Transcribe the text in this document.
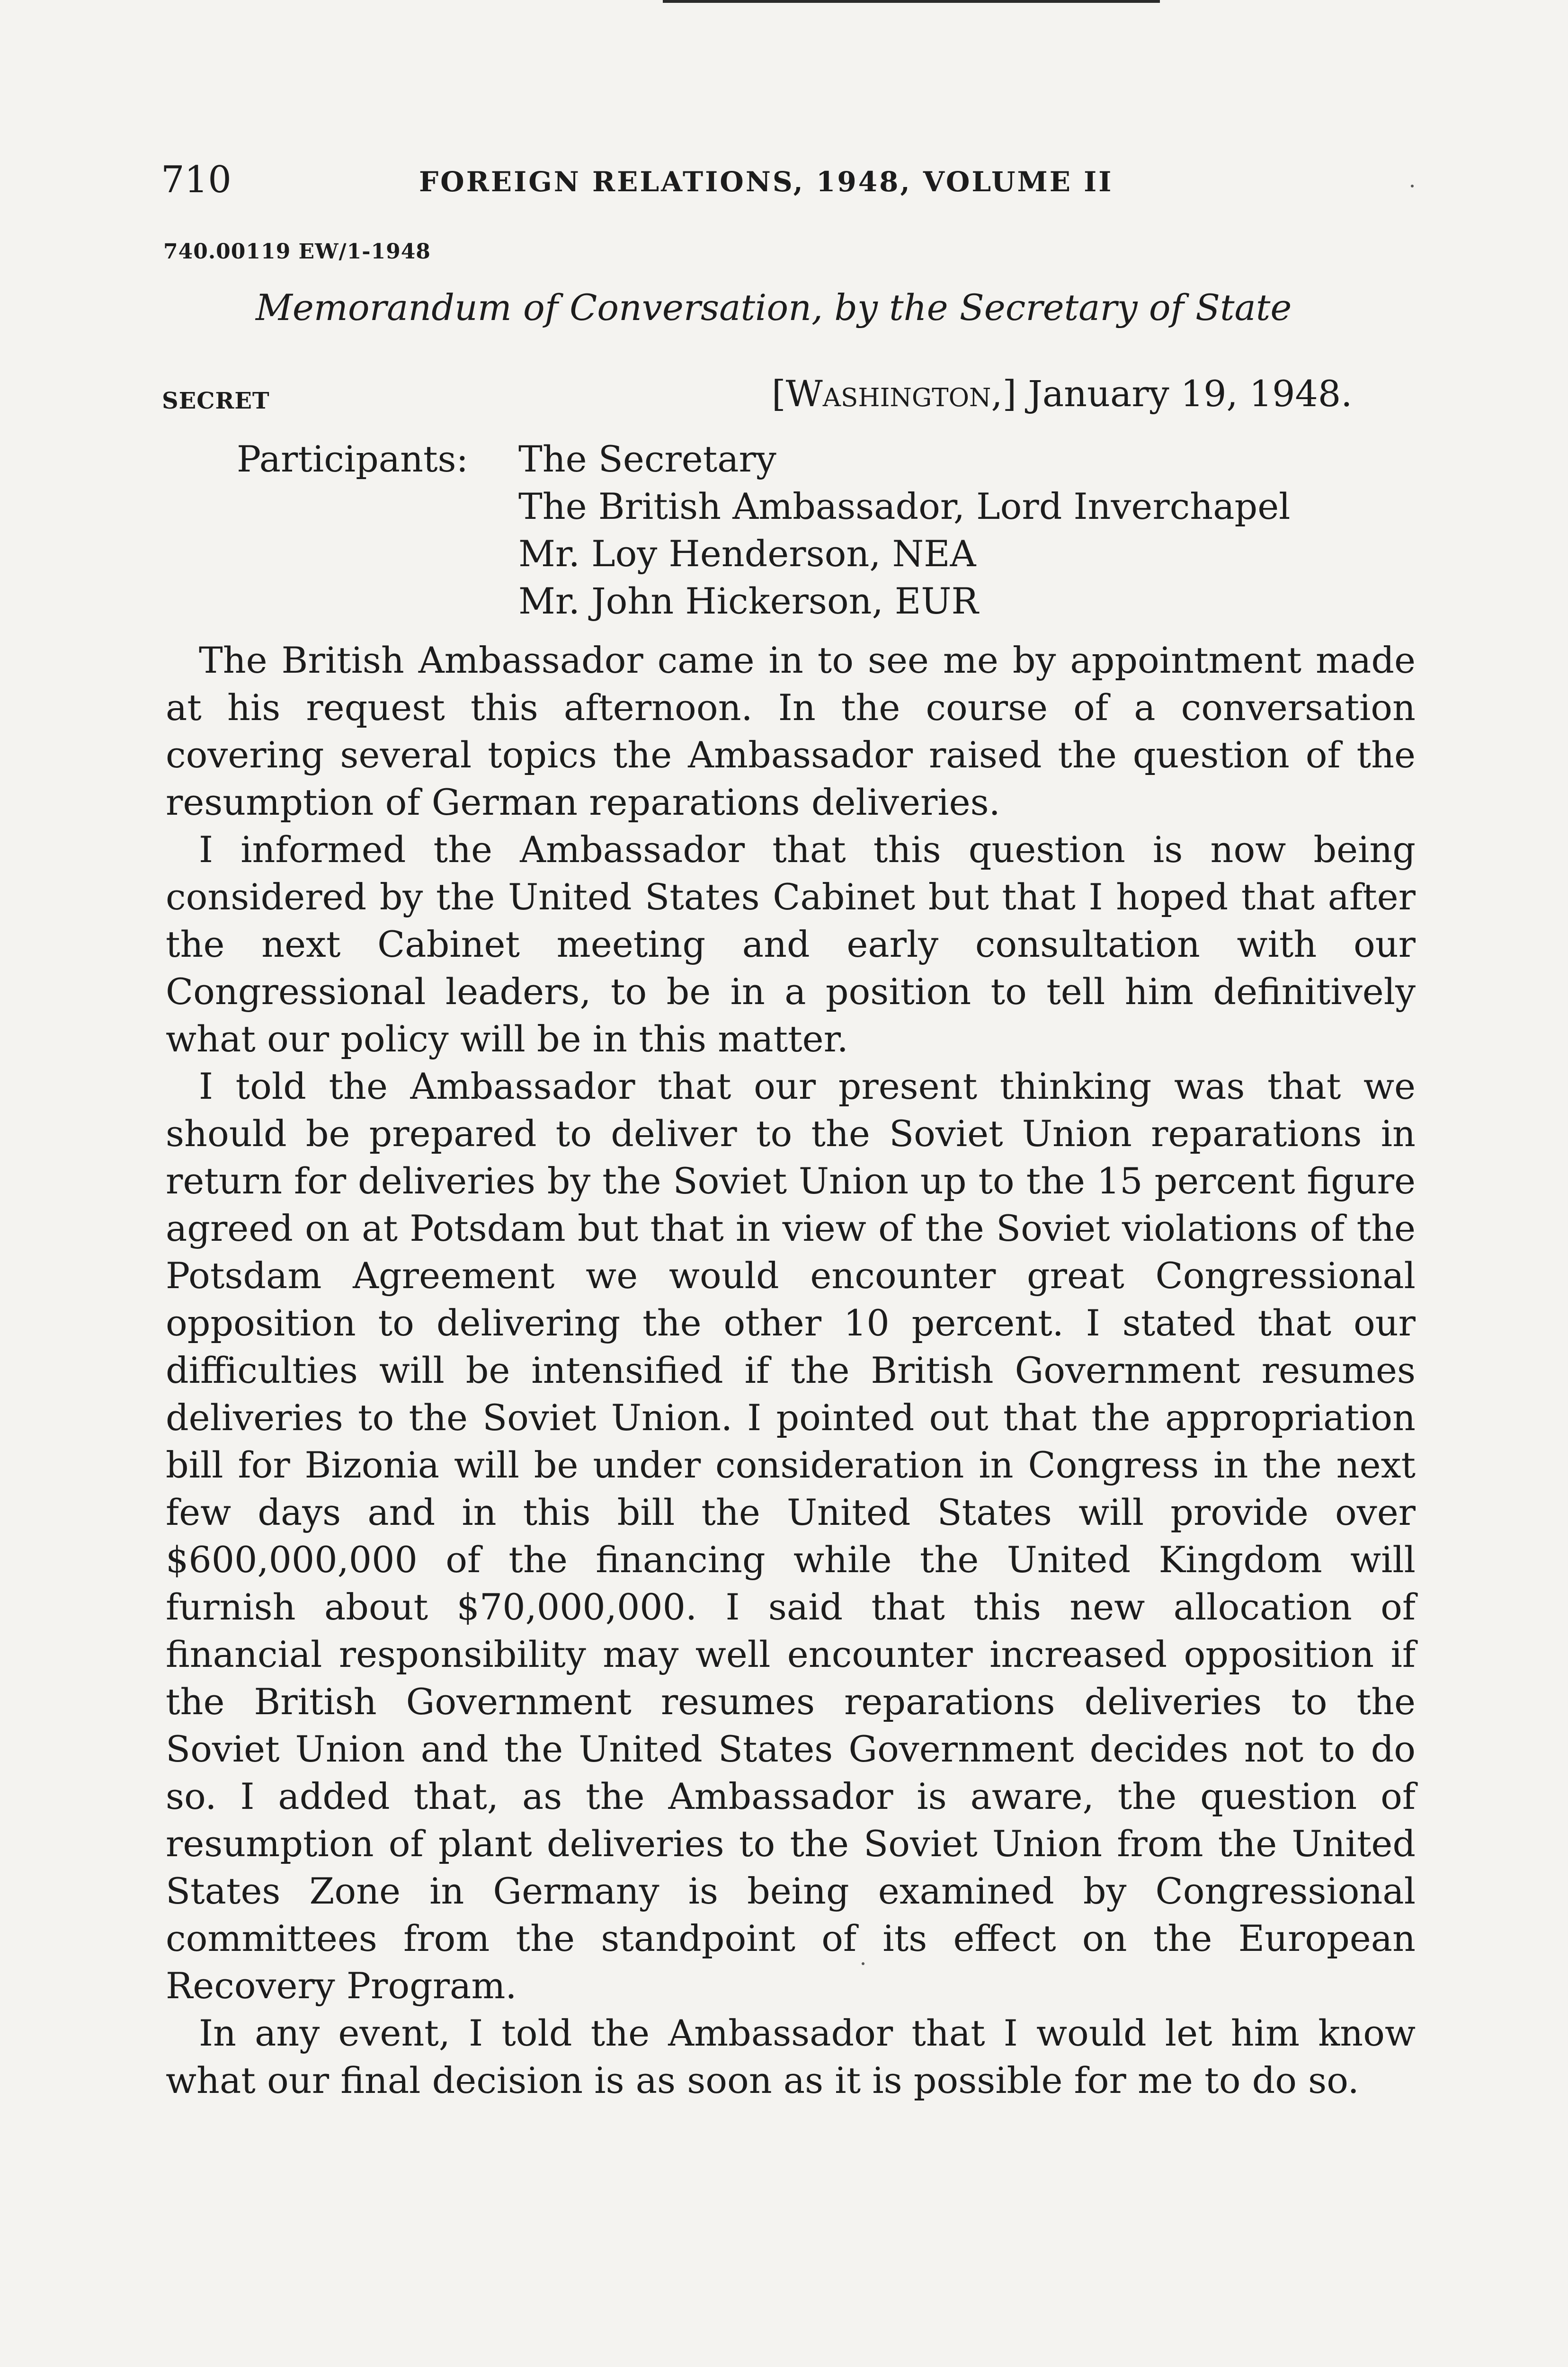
710	FOREIGN RELATIONS, 1948, VOLUME II
740.00119 EW/1-1948
Memorandum of Conversation, by the Secretary of State
SECRET	[Washington,] January 19, 1948.
Participants: The Secretary
The British Ambassador, Lord Inverchapel
Mr. Loy Henderson, NEA
Mr. John Hickerson, EUR

The British Ambassador came in to see me by appointment made at his request this afternoon. In the course of a conversation covering several topics the Ambassador raised the question of the resumption of German reparations deliveries.

I informed the Ambassador that this question is now being considered by the United States Cabinet but that I hoped that after the next Cabinet meeting and early consultation with our Congressional leaders, to be in a position to tell him definitively what our policy will be in this matter.

I told the Ambassador that our present thinking was that we should be prepared to deliver to the Soviet Union reparations in return for deliveries by the Soviet Union up to the 15 percent figure agreed on at Potsdam but that in view of the Soviet violations of the Potsdam Agreement we would encounter great Congressional opposition to delivering the other 10 percent. I stated that our difficulties will be intensified if the British Government resumes deliveries to the Soviet Union. I pointed out that the appropriation bill for Bizonia will be under consideration in Congress in the next few days and in this bill the United States will provide over $600,000,000 of the financing while the United Kingdom will furnish about $70,000,000. I said that this new allocation of financial responsibility may well encounter increased opposition if the British Government resumes reparations deliveries to the Soviet Union and the United States Government decides not to do so. I added that, as the Ambassador is aware, the question of resumption of plant deliveries to the Soviet Union from the United States Zone in Germany is being examined by Congressional committees from the standpoint of its effect on the European Recovery Program.

In any event, I told the Ambassador that I would let him know what our final decision is as soon as it is possible for me to do so.
